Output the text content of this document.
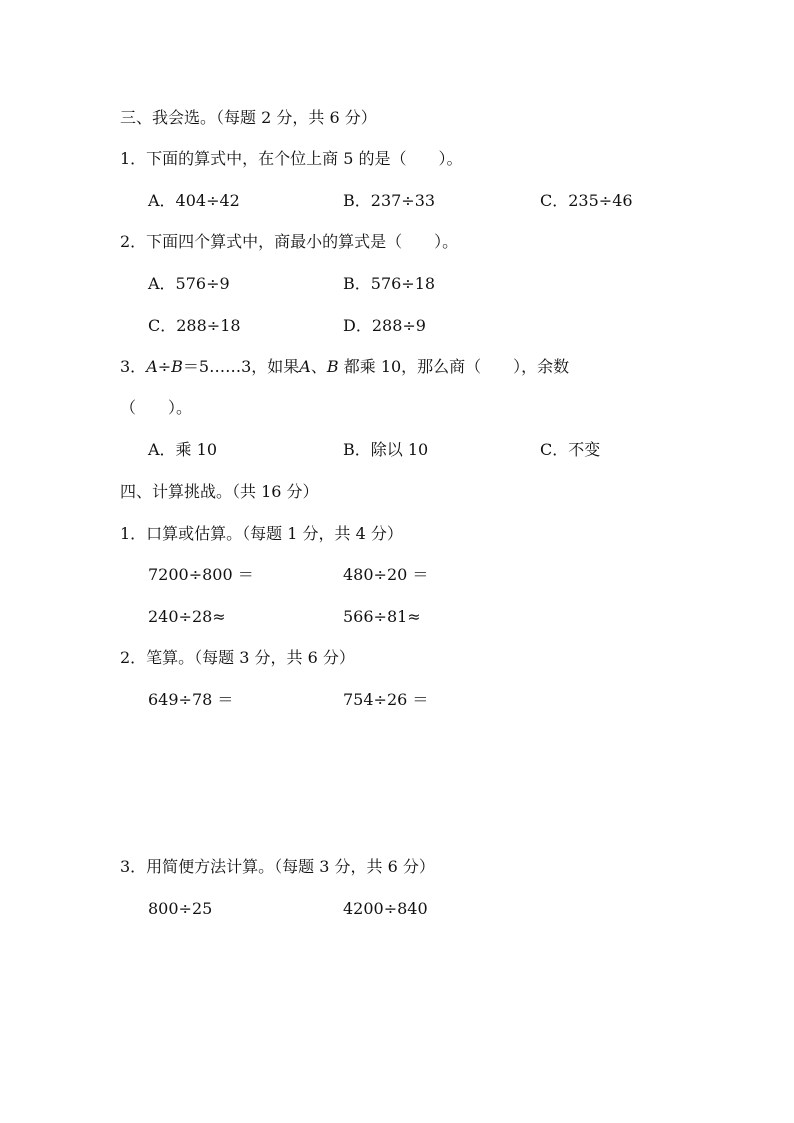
三、我会选。（每题 2 分，共 6 分）
1．下面的算式中，在个位上商 5 的是（　　）。
A．404÷42	B．237÷33	C．235÷46
2．下面四个算式中，商最小的算式是（　　）。
A．576÷9	B．576÷18
C．288÷18	D．288÷9
3．A÷B＝5……3，如果A、B 都乘 10，那么商（　　），余数
（　　）。
A．乘 10	B．除以 10	C．不变
四、计算挑战。（共 16 分）
1．口算或估算。（每题 1 分，共 4 分）
7200÷800 ＝	480÷20 ＝
240÷28≈	566÷81≈
2．笔算。（每题 3 分，共 6 分）
649÷78 ＝	754÷26 ＝
3．用简便方法计算。（每题 3 分，共 6 分）
800÷25	4200÷840
